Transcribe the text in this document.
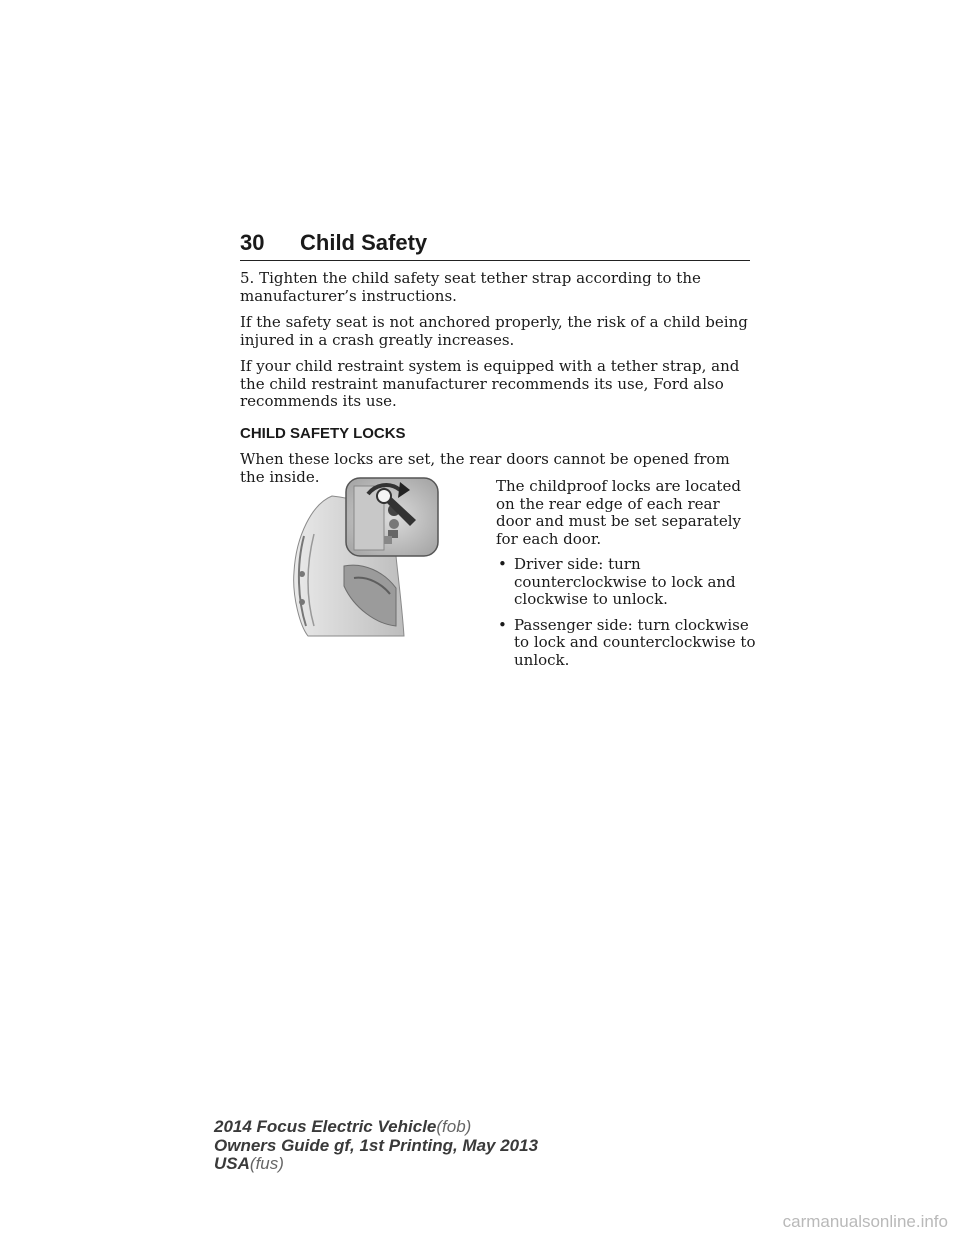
30 Child Safety

5. Tighten the child safety seat tether strap according to the manufacturer’s instructions.

If the safety seat is not anchored properly, the risk of a child being injured in a crash greatly increases.

If your child restraint system is equipped with a tether strap, and the child restraint manufacturer recommends its use, Ford also recommends its use.

CHILD SAFETY LOCKS

When these locks are set, the rear doors cannot be opened from the inside.

The childproof locks are located on the rear edge of each rear door and must be set separately for each door.

• Driver side: turn counterclockwise to lock and clockwise to unlock.
• Passenger side: turn clockwise to lock and counterclockwise to unlock.
2014 Focus Electric Vehicle(fob)
Owners Guide gf, 1st Printing, May 2013
USA(fus)
carmanualsonline.info
